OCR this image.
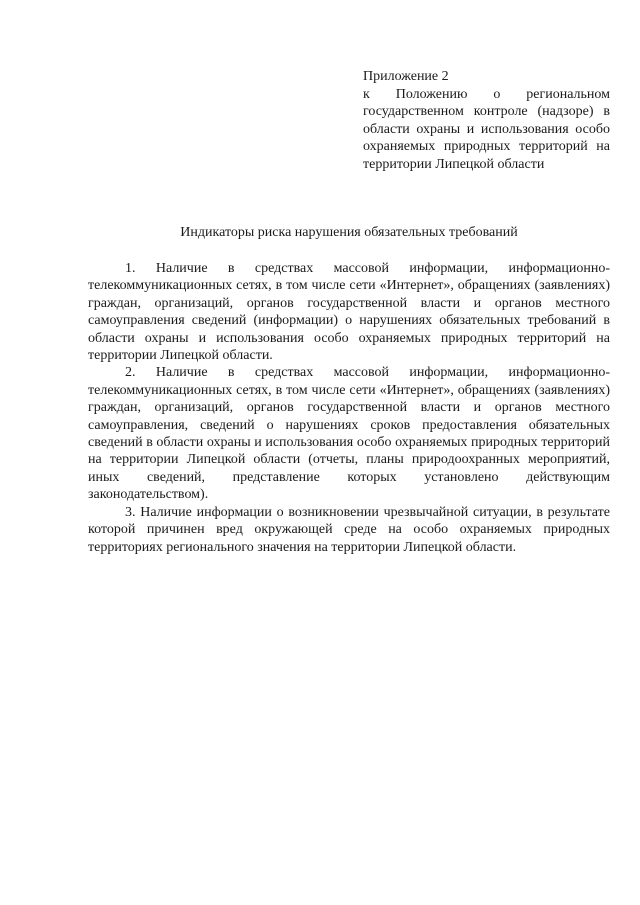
Приложение 2
к Положению о региональном государственном контроле (надзоре) в области охраны и использования особо охраняемых природных территорий на территории Липецкой области
Индикаторы риска нарушения обязательных требований

1. Наличие в средствах массовой информации, информационно-телекоммуникационных сетях, в том числе сети «Интернет», обращениях (заявлениях) граждан, организаций, органов государственной власти и органов местного самоуправления сведений (информации) о нарушениях обязательных требований в области охраны и использования особо охраняемых природных территорий на территории Липецкой области.

2. Наличие в средствах массовой информации, информационно-телекоммуникационных сетях, в том числе сети «Интернет», обращениях (заявлениях) граждан, организаций, органов государственной власти и органов местного самоуправления, сведений о нарушениях сроков предоставления обязательных сведений в области охраны и использования особо охраняемых природных территорий на территории Липецкой области (отчеты, планы природоохранных мероприятий, иных сведений, представление которых установлено действующим законодательством).

3. Наличие информации о возникновении чрезвычайной ситуации, в результате которой причинен вред окружающей среде на особо охраняемых природных территориях регионального значения на территории Липецкой области.
